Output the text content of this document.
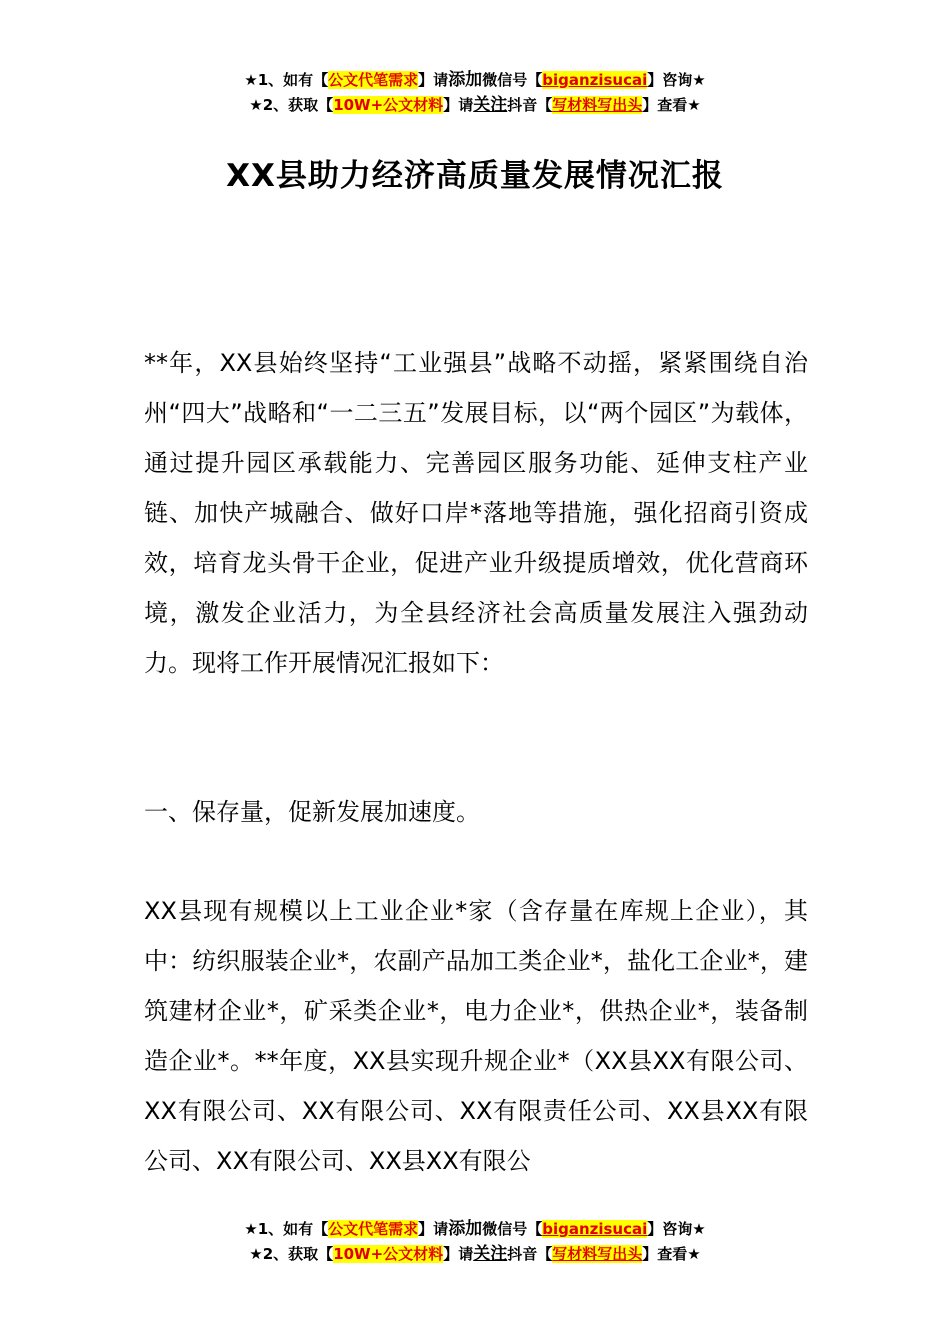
★1、如有【公文代笔需求】请添加微信号【biganzisucai】咨询★
★2、获取【10W+公文材料】请关注抖音【写材料写出头】查看★
XX县助力经济高质量发展情况汇报
**年，XX县始终坚持“工业强县”战略不动摇，紧紧围绕自治州“四大”战略和“一二三五”发展目标，以“两个园区”为载体，通过提升园区承载能力、完善园区服务功能、延伸支柱产业链、加快产城融合、做好口岸*落地等措施，强化招商引资成效，培育龙头骨干企业，促进产业升级提质增效，优化营商环境，激发企业活力，为全县经济社会高质量发展注入强劲动力。现将工作开展情况汇报如下：
一、保存量，促新发展加速度。
XX县现有规模以上工业企业*家（含存量在库规上企业），其中：纺织服装企业*，农副产品加工类企业*，盐化工企业*，建筑建材企业*，矿采类企业*，电力企业*，供热企业*，装备制造企业*。**年度，XX县实现升规企业*（XX县XX有限公司、XX有限公司、XX有限公司、XX有限责任公司、XX县XX有限公司、XX有限公司、XX县XX有限公
★1、如有【公文代笔需求】请添加微信号【biganzisucai】咨询★
★2、获取【10W+公文材料】请关注抖音【写材料写出头】查看★
